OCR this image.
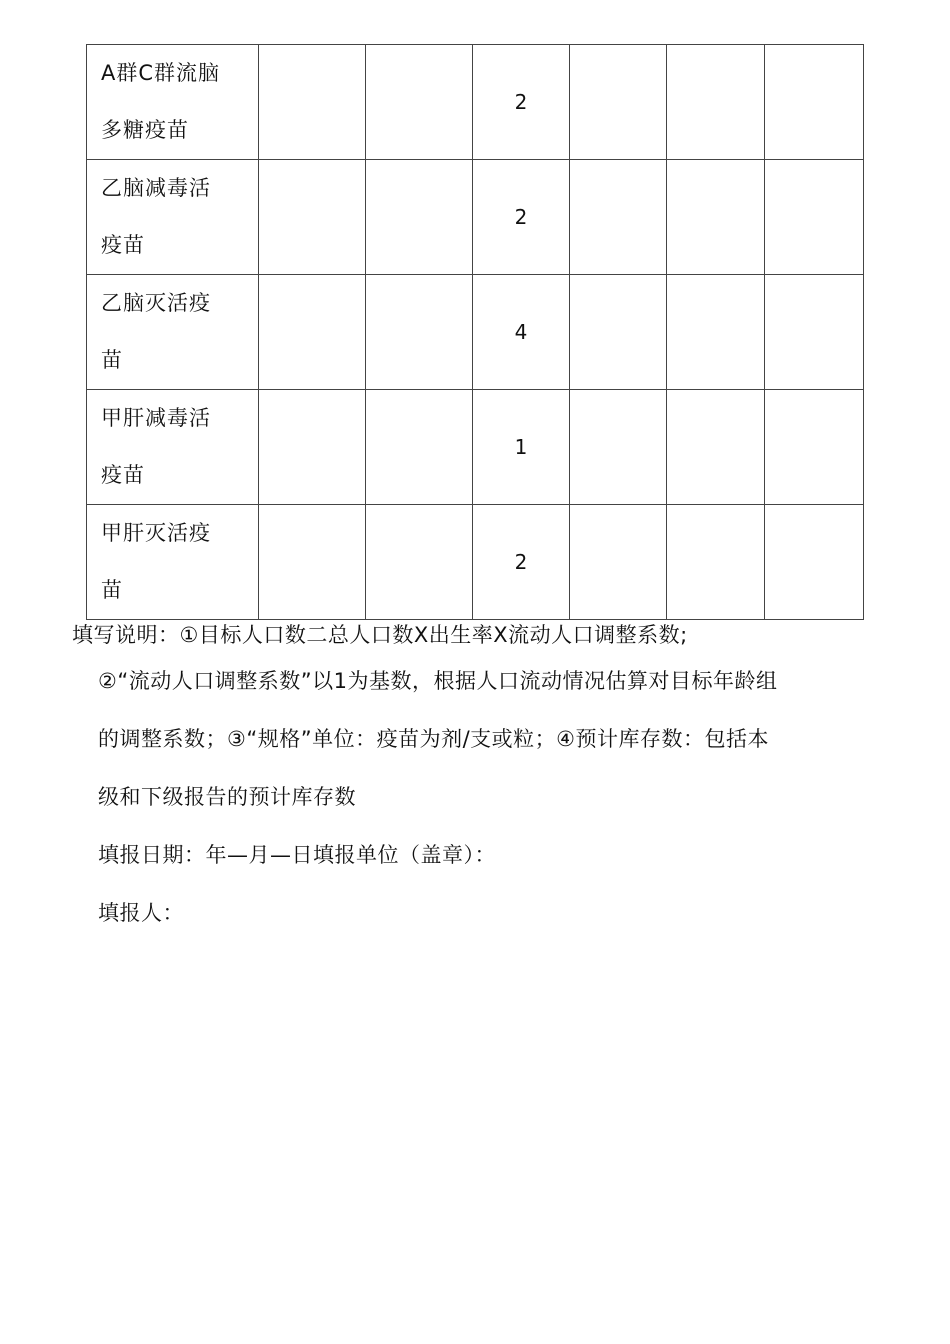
A群C群流脑
多糖疫苗			2			
乙脑减毒活
疫苗			2			
乙脑灭活疫
苗			4			
甲肝减毒活
疫苗			1			
甲肝灭活疫
苗			2			

填写说明：①目标人口数二总人口数X出生率X流动人口调整系数;

②“流动人口调整系数”以1为基数，根据人口流动情况估算对目标年龄组

的调整系数；③“规格”单位：疫苗为剂/支或粒；④预计库存数：包括本

级和下级报告的预计库存数

填报日期：年—月—日填报单位（盖章）：

填报人：
